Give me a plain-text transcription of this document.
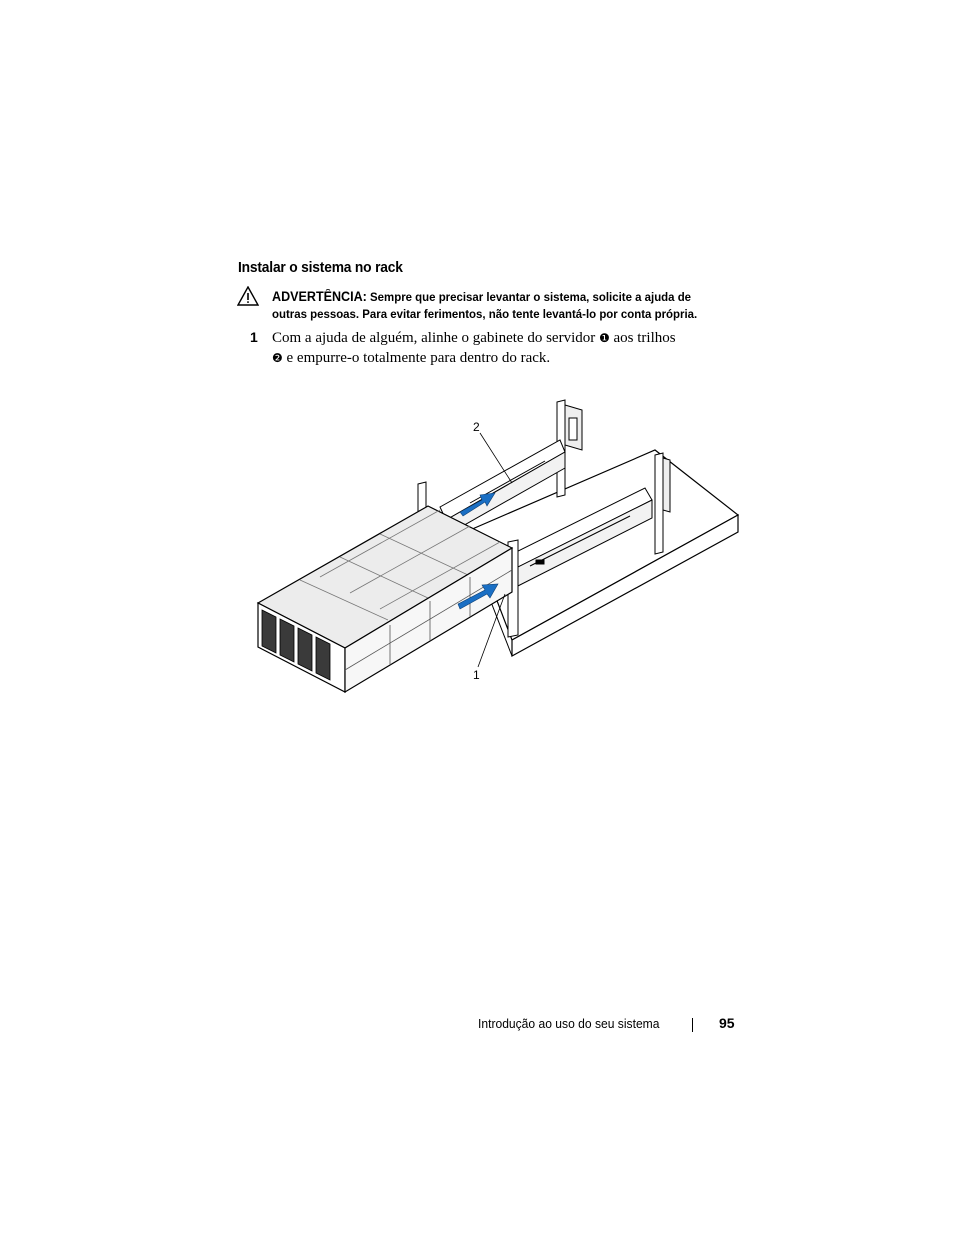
Instalar o sistema no rack
ADVERTÊNCIA: Sempre que precisar levantar o sistema, solicite a ajuda de
outras pessoas. Para evitar ferimentos, não tente levantá-lo por conta própria.
1 Com a ajuda de alguém, alinhe o gabinete do servidor ❶ aos trilhos
❷ e empurre-o totalmente para dentro do rack.
2
1
Introdução ao uso do seu sistema	95
